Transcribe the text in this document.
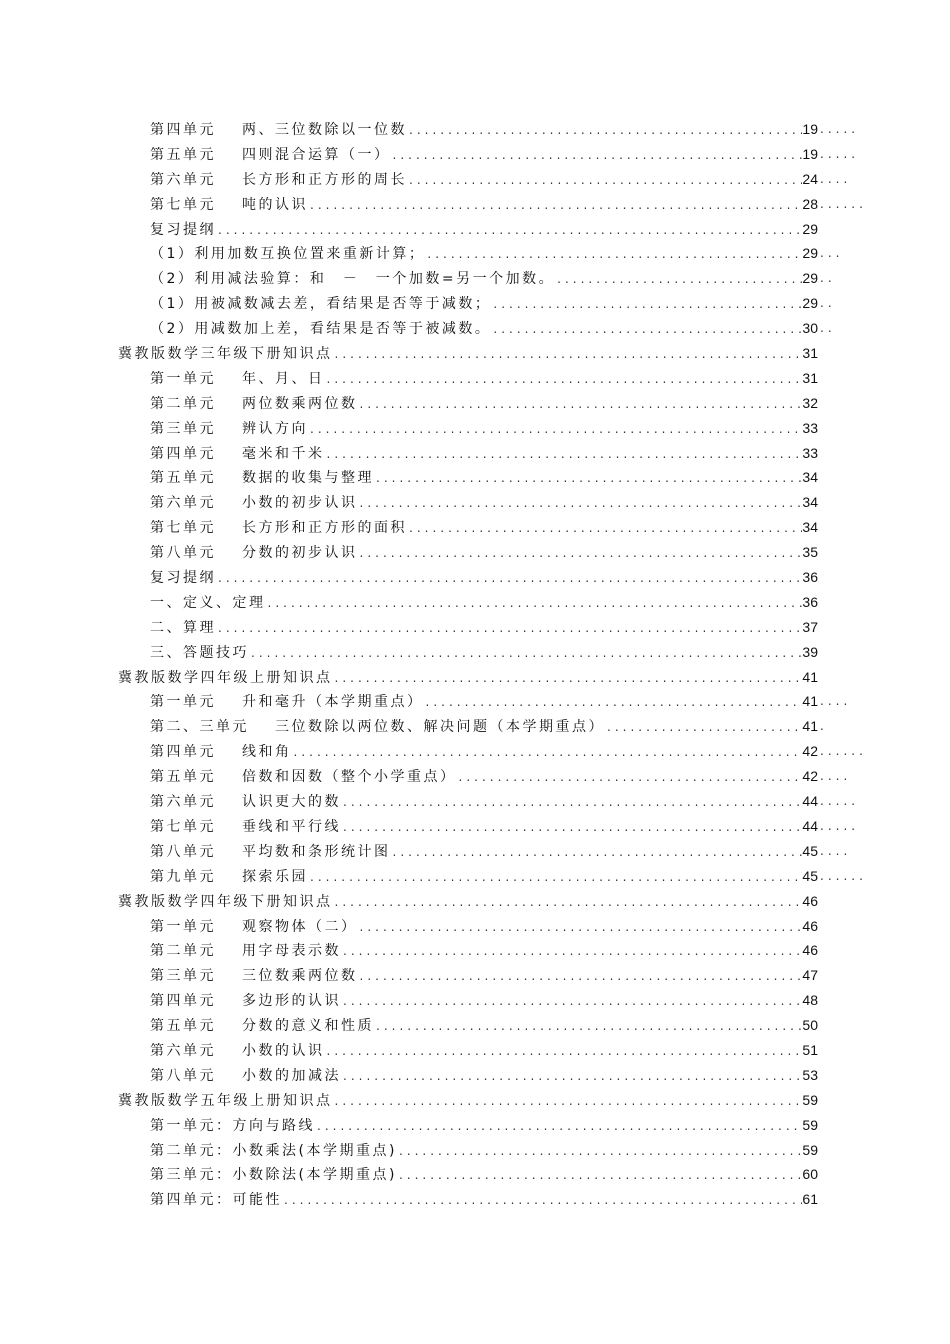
第四单元 两、三位数除以一位数 .....	19 .....
第五单元 四则混合运算（一） .....	19 .....
第六单元 长方形和正方形的周长 .....	24 ....
第七单元 吨的认识 .....	28 ......
复习提纲 .....	29
（1）利用加数互换位置来重新计算； .....	29 ...
（2）利用减法验算：和　－　一个加数=另一个加数。 .....	29 ..
（1）用被减数减去差，看结果是否等于减数； .....	29 ..
（2）用减数加上差，看结果是否等于被减数。 .....	30 ..
冀教版数学三年级下册知识点 .....	31
第一单元 年、月、日 .....	31
第二单元 两位数乘两位数 .....	32
第三单元 辨认方向 .....	33
第四单元 毫米和千米 .....	33
第五单元 数据的收集与整理 .....	34
第六单元 小数的初步认识 .....	34
第七单元 长方形和正方形的面积 .....	34
第八单元 分数的初步认识 .....	35
复习提纲 .....	36
一、定义、定理 .....	36
二、算理 .....	37
三、答题技巧 .....	39
冀教版数学四年级上册知识点 .....	41
第一单元 升和毫升（本学期重点） .....	41 ....
第二、三单元 三位数除以两位数、解决问题（本学期重点） .....	41 .
第四单元 线和角 .....	42 ......
第五单元 倍数和因数（整个小学重点） .....	42 ....
第六单元 认识更大的数 .....	44 .....
第七单元 垂线和平行线 .....	44 .....
第八单元 平均数和条形统计图 .....	45 ....
第九单元 探索乐园 .....	45 ......
冀教版数学四年级下册知识点 .....	46
第一单元 观察物体（二） .....	46
第二单元 用字母表示数 .....	46
第三单元 三位数乘两位数 .....	47
第四单元 多边形的认识 .....	48
第五单元 分数的意义和性质 .....	50
第六单元 小数的认识 .....	51
第八单元 小数的加减法 .....	53
冀教版数学五年级上册知识点 .....	59
第一单元： 方向与路线 .....	59
第二单元： 小数乘法(本学期重点) .....	59
第三单元： 小数除法(本学期重点) .....	60
第四单元： 可能性 .....	61
